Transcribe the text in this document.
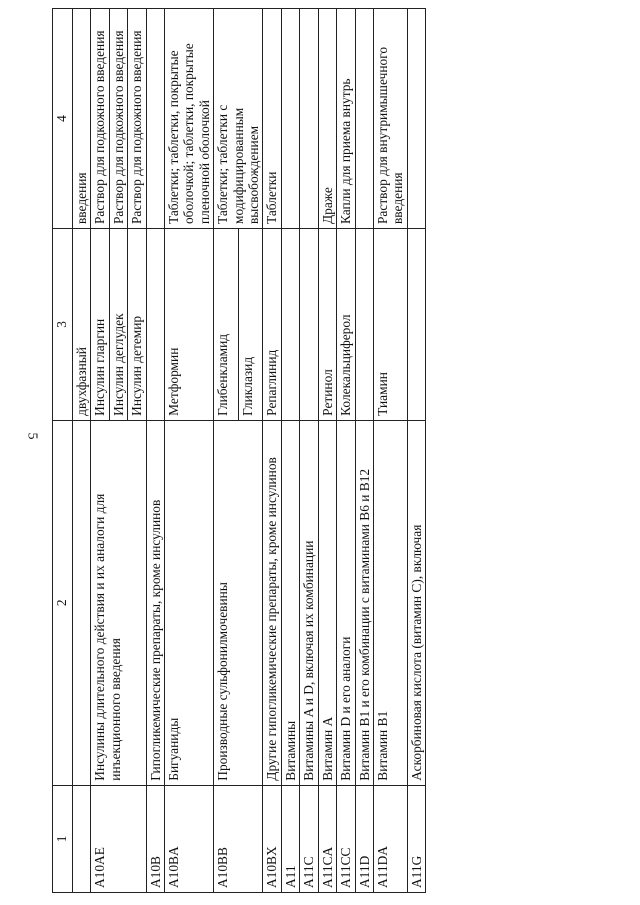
5
1	2	3	4
		двухфазный	введения
A10AE	Инсулины длительного действия и их аналоги для инъекционного введения	Инсулин гларгин	Раствор для подкожного введения
		Инсулин деглудек	Раствор для подкожного введения
		Инсулин детемир	Раствор для подкожного введения
A10B	Гипогликемические препараты, кроме инсулинов		
A10BA	Бигуаниды	Метформин	Таблетки; таблетки, покрытые оболочкой; таблетки, покрытые пленочной оболочкой
A10BB	Производные сульфонилмочевины	Глибенкламид	Таблетки; таблетки с модифицированным высвобождением
		Гликлазид	
A10BX	Другие гипогликемические препараты, кроме инсулинов	Репаглинид	Таблетки
A11	Витамины		
A11C	Витамины A и D, включая их комбинации		
A11CA	Витамин A	Ретинол	Драже
A11CC	Витамин D и его аналоги	Колекальциферол	Капли для приема внутрь
A11D	Витамин B1 и его комбинации с витаминами B6 и B12		
A11DA	Витамин B1	Тиамин	Раствор для внутримышечного введения
A11G	Аскорбиновая кислота (витамин C), включая		
